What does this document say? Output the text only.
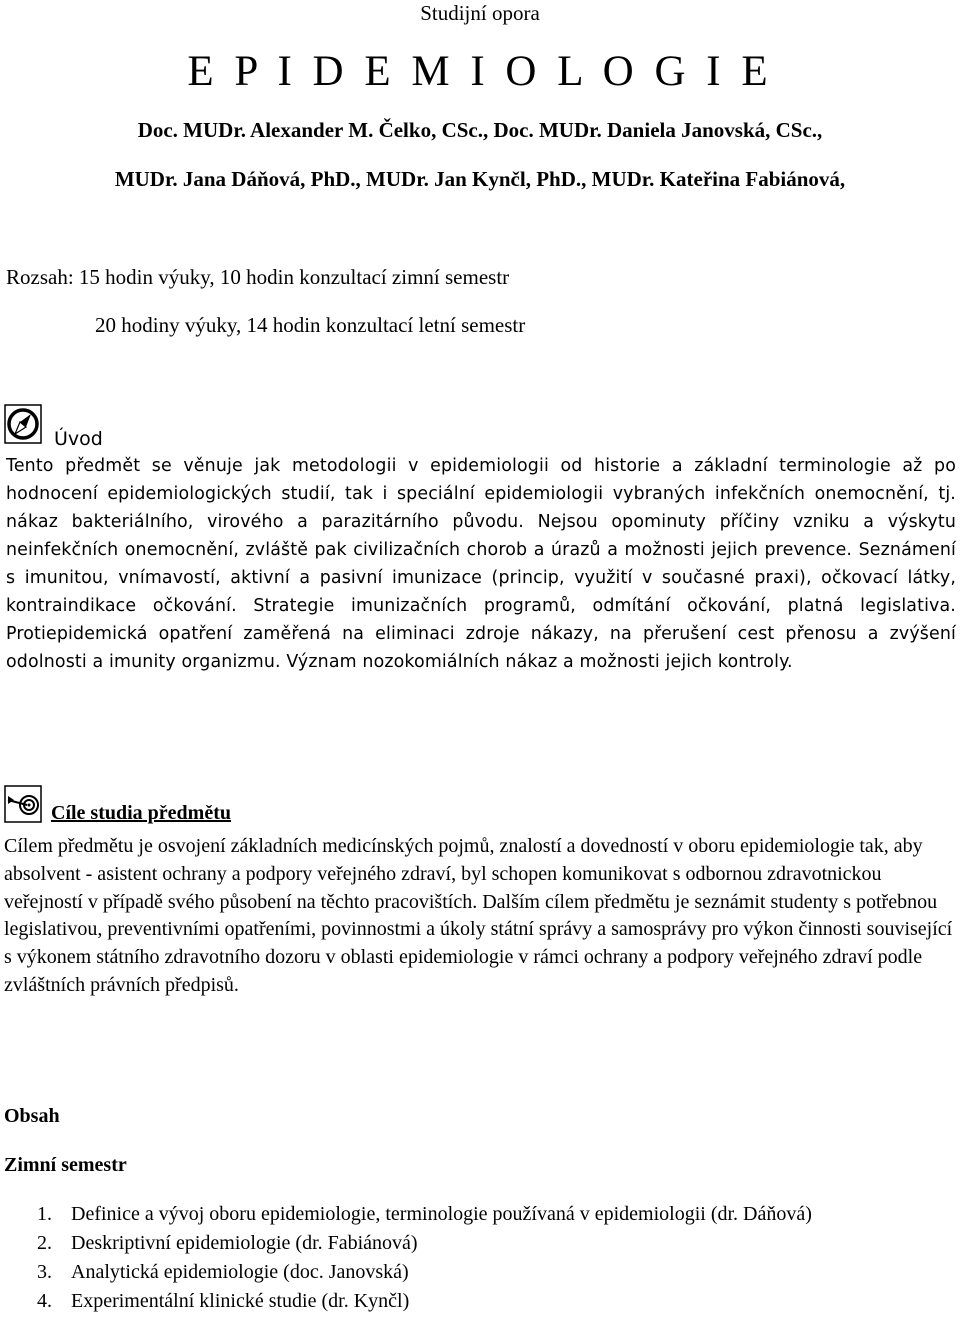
Studijní opora
E P I D E M I O L O G I E
Doc. MUDr. Alexander M. Čelko, CSc., Doc. MUDr. Daniela Janovská, CSc.,
MUDr. Jana Dáňová, PhD., MUDr. Jan Kynčl, PhD., MUDr. Kateřina Fabiánová,
Rozsah: 15 hodin výuky, 10 hodin konzultací zimní semestr
20 hodiny výuky, 14 hodin konzultací letní semestr
Úvod
Tento předmět se věnuje jak metodologii v epidemiologii od historie a základní terminologie až po hodnocení epidemiologických studií, tak i speciální epidemiologii vybraných infekčních onemocnění, tj. nákaz bakteriálního, virového a parazitárního původu. Nejsou opominuty příčiny vzniku a výskytu neinfekčních onemocnění, zvláště pak civilizačních chorob a úrazů a možnosti jejich prevence. Seznámení s imunitou, vnímavostí, aktivní a pasivní imunizace (princip, využití v současné praxi), očkovací látky, kontraindikace očkování. Strategie imunizačních programů, odmítání očkování, platná legislativa. Protiepidemická opatření zaměřená na eliminaci zdroje nákazy, na přerušení cest přenosu a zvýšení odolnosti a imunity organizmu. Význam nozokomiálních nákaz a možnosti jejich kontroly.
Cíle studia předmětu
Cílem předmětu je osvojení základních medicínských pojmů, znalostí a dovedností v oboru epidemiologie tak, aby absolvent - asistent ochrany a podpory veřejného zdraví, byl schopen komunikovat s odbornou zdravotnickou veřejností v případě svého působení na těchto pracovištích. Dalším cílem předmětu je seznámit studenty s potřebnou legislativou, preventivními opatřeními, povinnostmi a úkoly státní správy a samosprávy pro výkon činnosti související s výkonem státního zdravotního dozoru v oblasti epidemiologie v rámci ochrany a podpory veřejného zdraví podle zvláštních právních předpisů.
Obsah
Zimní semestr
1. Definice a vývoj oboru epidemiologie, terminologie používaná v epidemiologii (dr. Dáňová)
2. Deskriptivní epidemiologie (dr. Fabiánová)
3. Analytická epidemiologie (doc. Janovská)
4. Experimentální klinické studie (dr. Kynčl)
